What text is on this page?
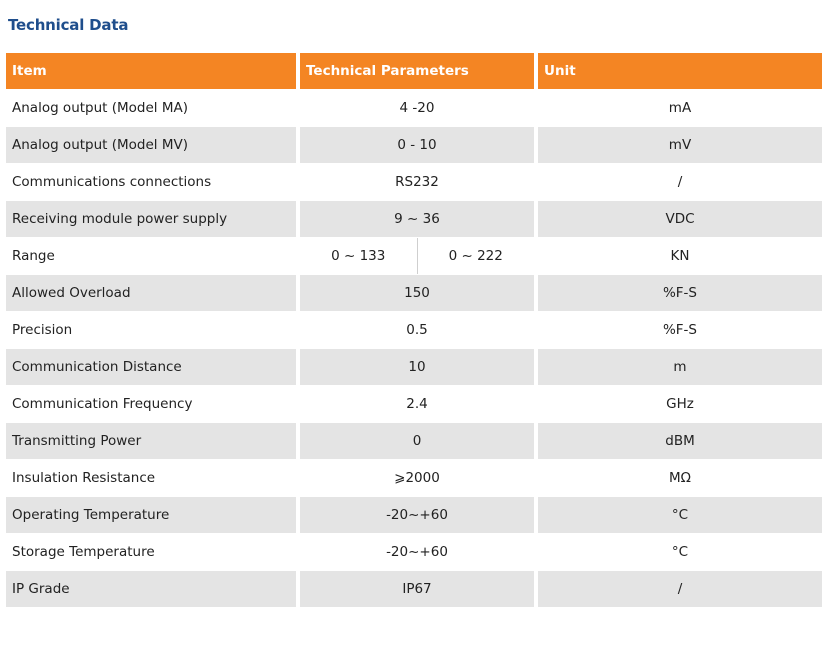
Technical Data
Item	Technical Parameters	Unit
Analog output (Model MA)	4 -20	mA
Analog output (Model MV)	0 - 10	mV
Communications connections	RS232	/
Receiving module power supply	9 ~ 36	VDC
Range	0 ~ 133 0 ~ 222	KN
Allowed Overload	150	%F-S
Precision	0.5	%F-S
Communication Distance	10	m
Communication Frequency	2.4	GHz
Transmitting Power	0	dBM
Insulation Resistance	⩾2000	MΩ
Operating Temperature	-20~+60	°C
Storage Temperature	-20~+60	°C
IP Grade	IP67	/
